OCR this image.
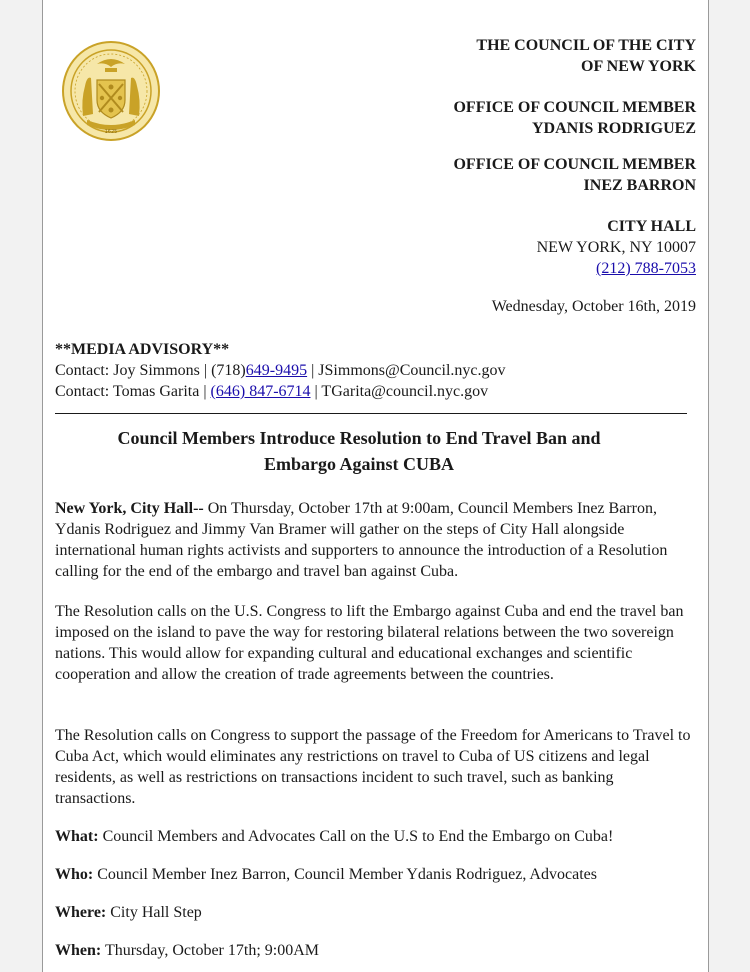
1625
THE COUNCIL OF THE CITY
OF NEW YORK
OFFICE OF COUNCIL MEMBER
YDANIS RODRIGUEZ
OFFICE OF COUNCIL MEMBER
INEZ BARRON
CITY HALL
NEW YORK, NY 10007
(212) 788-7053
Wednesday, October 16th, 2019
**MEDIA ADVISORY**
Contact: Joy Simmons | (718)649-9495 | JSimmons@Council.nyc.gov
Contact: Tomas Garita | (646) 847-6714 | TGarita@council.nyc.gov
Council Members Introduce Resolution to End Travel Ban and
Embargo Against CUBA

New York, City Hall-- On Thursday, October 17th at 9:00am, Council Members Inez Barron, Ydanis Rodriguez and Jimmy Van Bramer will gather on the steps of City Hall alongside international human rights activists and supporters to announce the introduction of a Resolution calling for the end of the embargo and travel ban against Cuba.

The Resolution calls on the U.S. Congress to lift the Embargo against Cuba and end the travel ban imposed on the island to pave the way for restoring bilateral relations between the two sovereign nations. This would allow for expanding cultural and educational exchanges and scientific cooperation and allow the creation of trade agreements between the countries.

The Resolution calls on Congress to support the passage of the Freedom for Americans to Travel to Cuba Act, which would eliminates any restrictions on travel to Cuba of US citizens and legal residents, as well as restrictions on transactions incident to such travel, such as banking transactions.

What: Council Members and Advocates Call on the U.S to End the Embargo on Cuba!
Who: Council Member Inez Barron, Council Member Ydanis Rodriguez, Advocates
Where: City Hall Step
When: Thursday, October 17th; 9:00AM
